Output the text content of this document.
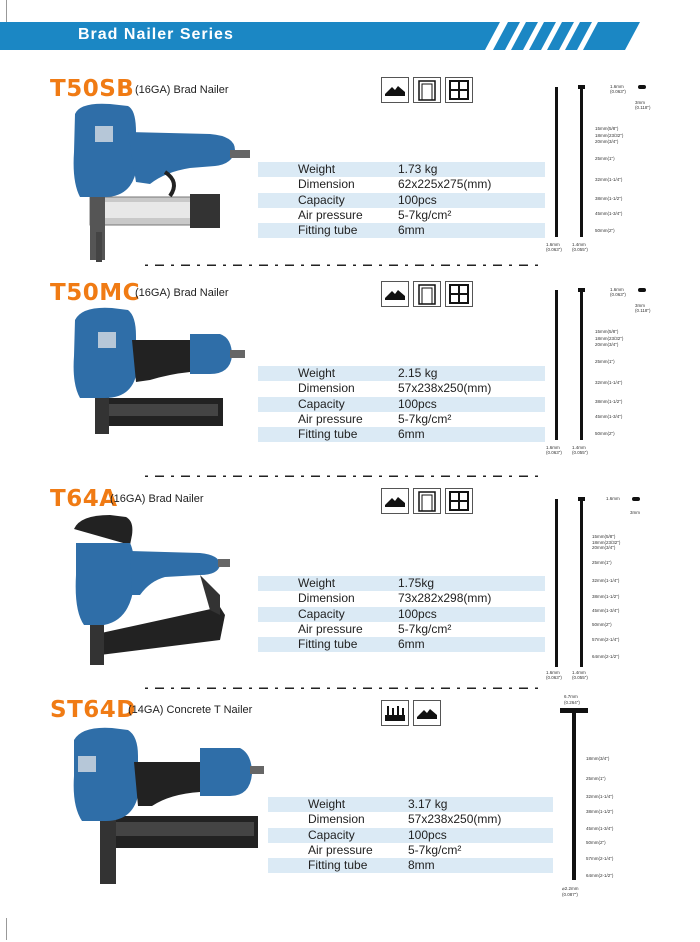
Brad Nailer Series
T50SB (16GA) Brad Nailer
Weight	1.73 kg
Dimension	62x225x275(mm)
Capacity	100pcs
Air pressure	5-7kg/cm²
Fitting tube	6mm
1.6mm
(0.063")
3mm
(0.118")
15mm(5/8")
18mm(23/32")
20mm(3/4")
25mm(1")
32mm(1-1/4")
38mm(1-1/2")
45mm(1-3/4")
50mm(2")
1.6mm
(0.063")
1.4mm
(0.055")
T50MC
(16GA) Brad Nailer
Weight	2.15 kg
Dimension	57x238x250(mm)
Capacity	100pcs
Air pressure	5-7kg/cm²
Fitting tube	6mm
1.6mm
(0.063")
3mm
(0.118")
15mm(5/8")
18mm(23/32")
20mm(3/4")
25mm(1")
32mm(1-1/4")
38mm(1-1/2")
45mm(1-3/4")
50mm(2")
1.6mm
(0.063")
1.4mm
(0.055")
T64A
(16GA) Brad Nailer
Weight	1.75kg
Dimension	73x282x298(mm)
Capacity	100pcs
Air pressure	5-7kg/cm²
Fitting tube	6mm
1.6mm
3mm
15mm(5/8")
18mm(23/32")
20mm(3/4")
25mm(1")
32mm(1-1/4")
38mm(1-1/2")
45mm(1-3/4")
50mm(2")
57mm(2-1/4")
64mm(2-1/2")
1.6mm
(0.063")
1.4mm
(0.055")
ST64D
(14GA) Concrete T Nailer
Weight	3.17 kg
Dimension	57x238x250(mm)
Capacity	100pcs
Air pressure	5-7kg/cm²
Fitting tube	8mm
6.7mm
(0.264")
18mm(3/4")
25mm(1")
32mm(1-1/4")
38mm(1-1/2")
45mm(1-3/4")
50mm(2")
57mm(2-1/4")
64mm(2-1/2")
⌀2.2mm
(0.087")
